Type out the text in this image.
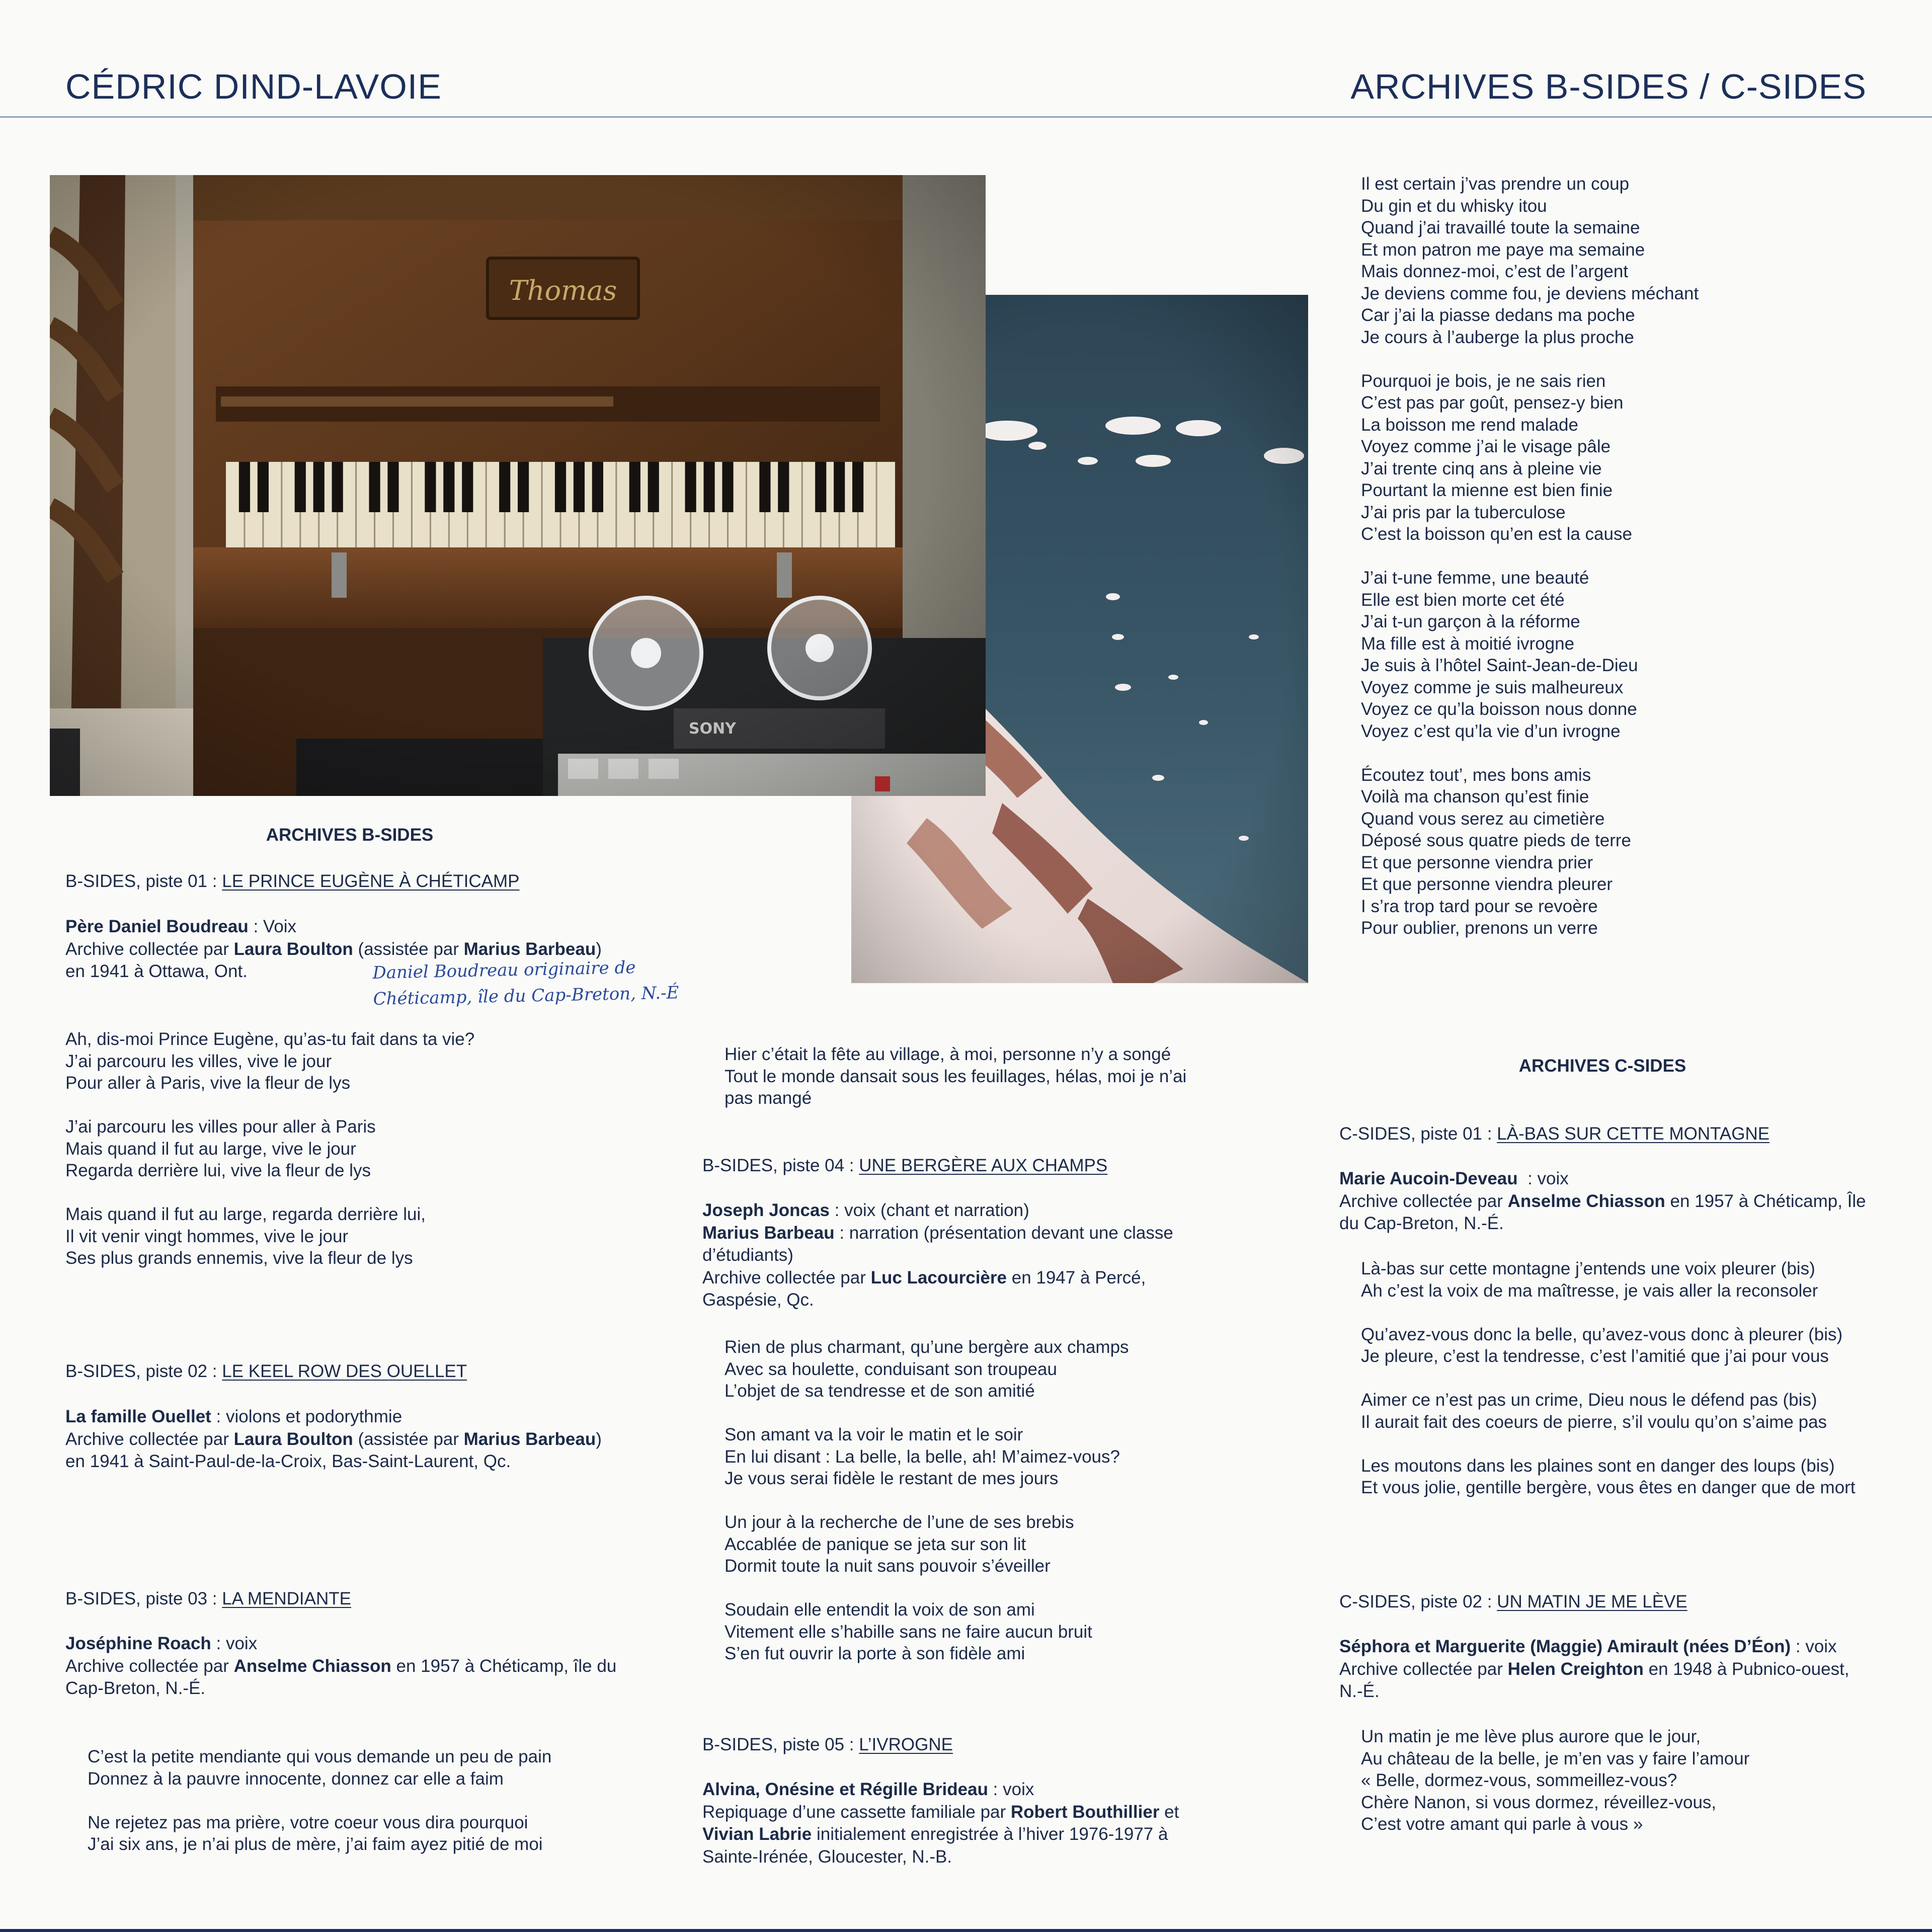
CÉDRIC DIND-LAVOIE	ARCHIVES B-SIDES / C-SIDES
ARCHIVES B-SIDES
B-SIDES, piste 01 : LE PRINCE EUGÈNE À CHÉTICAMP
Père Daniel Boudreau : Voix
Archive collectée par Laura Boulton (assistée par Marius Barbeau) en 1941 à Ottawa, Ont.	Daniel Boudreau originaire de
Chéticamp, île du Cap-Breton, N.-É

Ah, dis-moi Prince Eugène, qu’as-tu fait dans ta vie?

J’ai parcouru les villes, vive le jour

Pour aller à Paris, vive la fleur de lys

J’ai parcouru les villes pour aller à Paris

Mais quand il fut au large, vive le jour

Regarda derrière lui, vive la fleur de lys

Mais quand il fut au large, regarda derrière lui,

Il vit venir vingt hommes, vive le jour

Ses plus grands ennemis, vive la fleur de lys

B-SIDES, piste 02 : LE KEEL ROW DES OUELLET
La famille Ouellet : violons et podorythmie
Archive collectée par Laura Boulton (assistée par Marius Barbeau) en 1941 à Saint-Paul-de-la-Croix, Bas-Saint-Laurent, Qc.
B-SIDES, piste 03 : LA MENDIANTE
Joséphine Roach : voix
Archive collectée par Anselme Chiasson en 1957 à Chéticamp, île du Cap-Breton, N.-É.

C’est la petite mendiante qui vous demande un peu de pain

Donnez à la pauvre innocente, donnez car elle a faim

Ne rejetez pas ma prière, votre coeur vous dira pourquoi

J’ai six ans, je n’ai plus de mère, j’ai faim ayez pitié de moi

Hier c’était la fête au village, à moi, personne n’y a songé

Tout le monde dansait sous les feuillages, hélas, moi je n’ai pas mangé

B-SIDES, piste 04 : UNE BERGÈRE AUX CHAMPS
Joseph Joncas : voix (chant et narration)
Marius Barbeau : narration (présentation devant une classe d’étudiants)
Archive collectée par Luc Lacourcière en 1947 à Percé, Gaspésie, Qc.

Rien de plus charmant, qu’une bergère aux champs

Avec sa houlette, conduisant son troupeau

L’objet de sa tendresse et de son amitié

Son amant va la voir le matin et le soir

En lui disant : La belle, la belle, ah! M’aimez-vous?

Je vous serai fidèle le restant de mes jours

Un jour à la recherche de l’une de ses brebis

Accablée de panique se jeta sur son lit

Dormit toute la nuit sans pouvoir s’éveiller

Soudain elle entendit la voix de son ami

Vitement elle s’habille sans ne faire aucun bruit

S’en fut ouvrir la porte à son fidèle ami

B-SIDES, piste 05 : L’IVROGNE
Alvina, Onésine et Régille Brideau : voix
Repiquage d’une cassette familiale par Robert Bouthillier et Vivian Labrie initialement enregistrée à l’hiver 1976-1977 à Sainte-Irénée, Gloucester, N.-B.

Il est certain j’vas prendre un coup

Du gin et du whisky itou

Quand j’ai travaillé toute la semaine

Et mon patron me paye ma semaine

Mais donnez-moi, c’est de l’argent

Je deviens comme fou, je deviens méchant

Car j’ai la piasse dedans ma poche

Je cours à l’auberge la plus proche

Pourquoi je bois, je ne sais rien

C’est pas par goût, pensez-y bien

La boisson me rend malade

Voyez comme j’ai le visage pâle

J’ai trente cinq ans à pleine vie

Pourtant la mienne est bien finie

J’ai pris par la tuberculose

C’est la boisson qu’en est la cause

J’ai t-une femme, une beauté

Elle est bien morte cet été

J’ai t-un garçon à la réforme

Ma fille est à moitié ivrogne

Je suis à l’hôtel Saint-Jean-de-Dieu

Voyez comme je suis malheureux

Voyez ce qu’la boisson nous donne

Voyez c’est qu’la vie d’un ivrogne

Écoutez tout’, mes bons amis

Voilà ma chanson qu’est finie

Quand vous serez au cimetière

Déposé sous quatre pieds de terre

Et que personne viendra prier

Et que personne viendra pleurer

I s’ra trop tard pour se revoère

Pour oublier, prenons un verre

ARCHIVES C-SIDES
C-SIDES, piste 01 : LÀ-BAS SUR CETTE MONTAGNE
Marie Aucoin-Deveau  : voix
Archive collectée par Anselme Chiasson en 1957 à Chéticamp, Île du Cap-Breton, N.-É.

Là-bas sur cette montagne j’entends une voix pleurer (bis)

Ah c’est la voix de ma maîtresse, je vais aller la reconsoler

Qu’avez-vous donc la belle, qu’avez-vous donc à pleurer (bis)

Je pleure, c’est la tendresse, c’est l’amitié que j’ai pour vous

Aimer ce n’est pas un crime, Dieu nous le défend pas (bis)

Il aurait fait des coeurs de pierre, s’il voulu qu’on s’aime pas

Les moutons dans les plaines sont en danger des loups (bis)

Et vous jolie, gentille bergère, vous êtes en danger que de mort

C-SIDES, piste 02 : UN MATIN JE ME LÈVE
Séphora et Marguerite (Maggie) Amirault (nées D’Éon) : voix
Archive collectée par Helen Creighton en 1948 à Pubnico-ouest, N.-É.

Un matin je me lève plus aurore que le jour,

Au château de la belle, je m’en vas y faire l’amour

« Belle, dormez-vous, sommeillez-vous?

Chère Nanon, si vous dormez, réveillez-vous,

C’est votre amant qui parle à vous »
